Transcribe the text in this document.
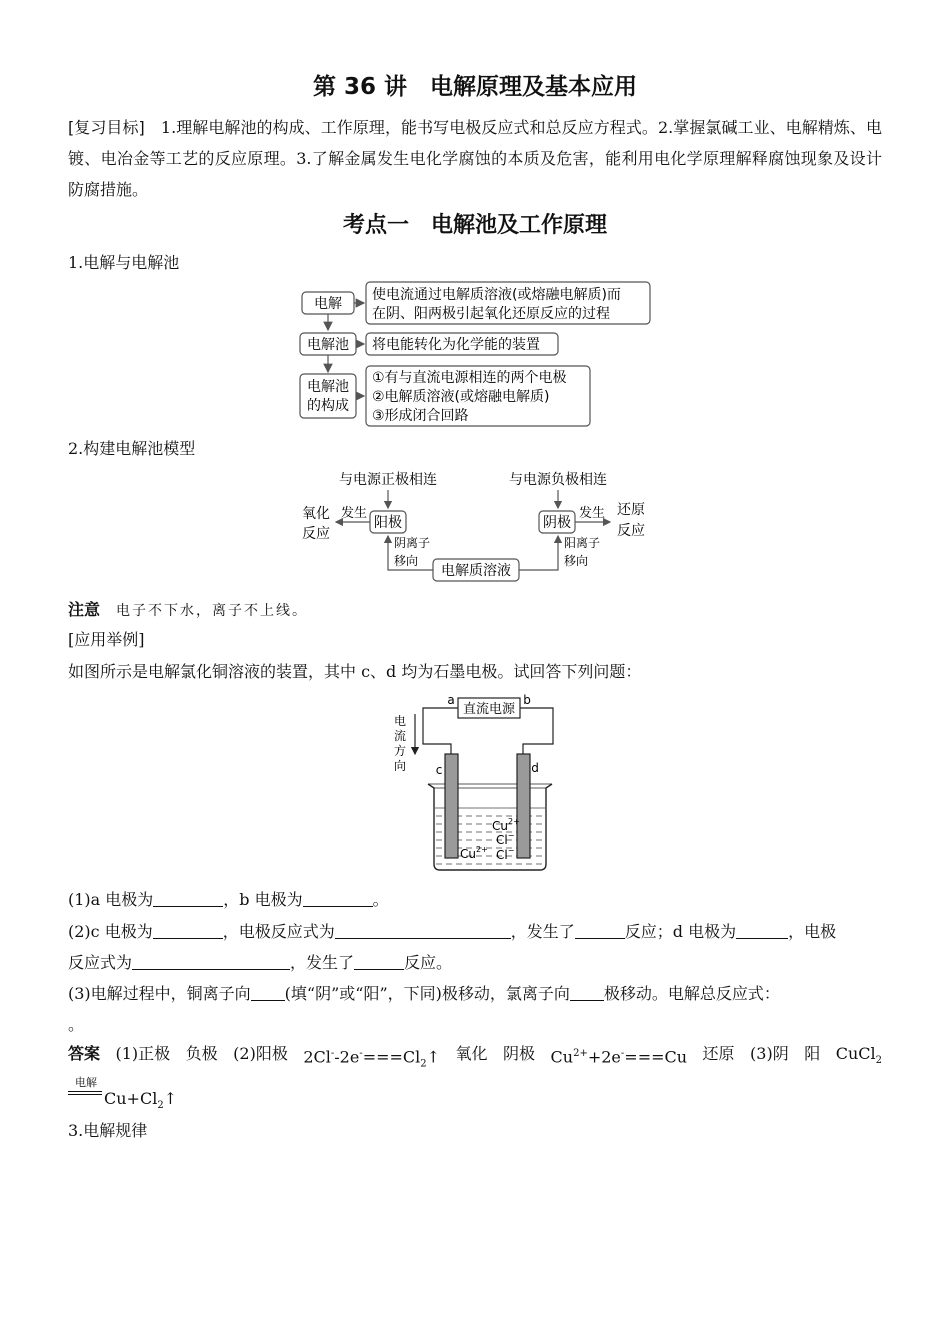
第 36 讲　电解原理及基本应用
[复习目标]　1.理解电解池的构成、工作原理，能书写电极反应式和总反应方程式。2.掌握氯碱工业、电解精炼、电镀、电冶金等工艺的反应原理。3.了解金属发生电化学腐蚀的本质及危害，能利用电化学原理解释腐蚀现象及设计防腐措施。
考点一　电解池及工作原理
1.电解与电解池
电解
使电流通过电解质溶液(或熔融电解质)而
在阴、阳两极引起氧化还原反应的过程
电解池 将电能转化为化学能的装置
电解池
的构成
①有与直流电源相连的两个电极
②电解质溶液(或熔融电解质)
③形成闭合回路
2.构建电解池模型
与电源正极相连	与电源负极相连
阳极	阴极
发生
氧化
反应
发生 还原
反应
电解质溶液
阴离子
移向
阳离子
移向
注意　电子不下水，离子不上线。
[应用举例]
如图所示是电解氯化铜溶液的装置，其中 c、d 均为石墨电极。试回答下列问题：
直流电源
a	b
电
流
方
向 c	d
$Cu^{2+}$
Cl−
$Cu^{2+}$ Cl−
(1)a 电极为	，b 电极为	。
(2)c 电极为	，电极反应式为	，发生了	反应；d 电极为	，电极
反应式为	，发生了	反应。
(3)电解过程中，铜离子向 (填“阴”或“阳”，下同)极移动，氯离子向 极移动。电解总反应式：
。
答案 (1)正极 负极 (2)阳极 $2Cl^--2e^-===Cl_2↑$ 氧化 阴极 $Cu^{2+}+2e^-===Cu$ 还原 (3)阴 阳 CuCl$_2$
电解
$Cu+Cl_2↑$
3.电解规律
